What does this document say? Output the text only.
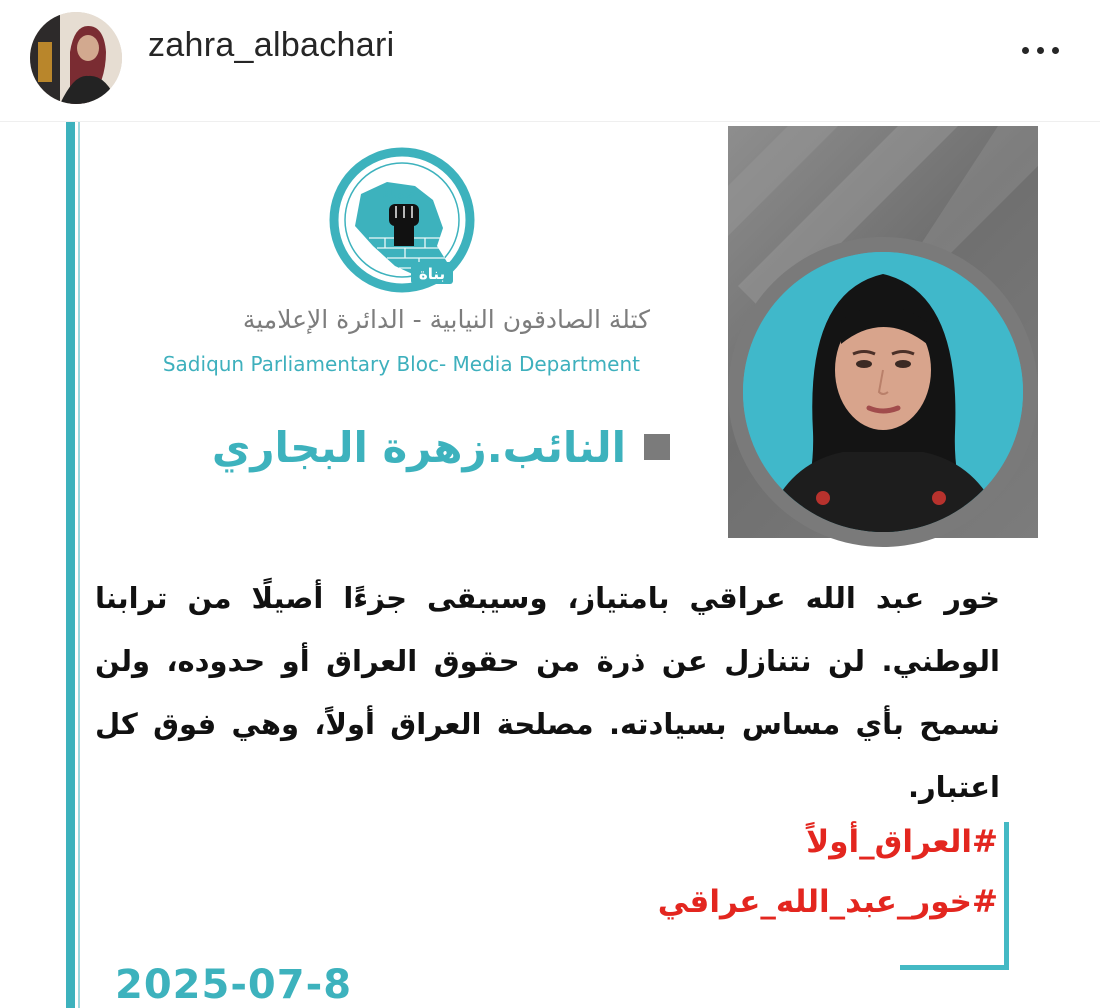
zahra_albachari
حماة
بناة
كتلة الصادقون النيابية - الدائرة الإعلامية
Sadiqun Parliamentary Bloc- Media Department
النائب.زهرة البجاري
خور عبد الله عراقي بامتياز، وسيبقى جزءًا أصيلًا من ترابنا الوطني. لن نتنازل عن ذرة من حقوق العراق أو حدوده، ولن نسمح بأي مساس بسيادته. مصلحة العراق أولاً، وهي فوق كل اعتبار.
#العراق_أولاً
#خور_عبد_الله_عراقي
2025-07-8
